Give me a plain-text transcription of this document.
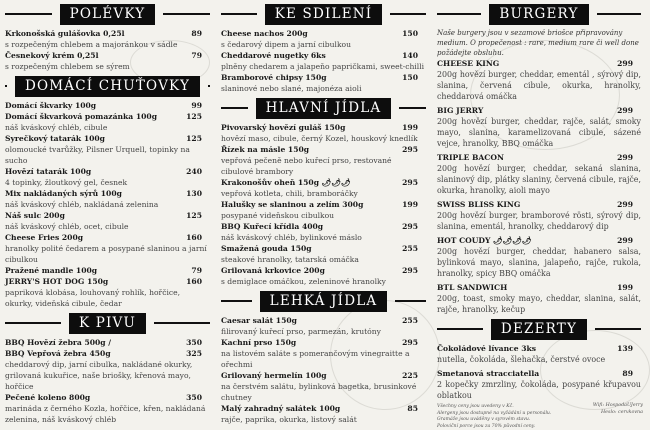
POLÉVKY
Krkonošská gulášovka 0,25l	89
s rozpečeným chlebem a majoránkou v sádle
Česnekový krém 0,25l	79
s rozpečeným chlebem se sýrem
DOMÁCÍ CHUŤOVKY
Domácí škvarky 100g	99
Domácí škvarková pomazánka 100g	125
náš kváskový chléb, cibule
Syrečkový tatarák 100g	125
olomoucké tvarůžky, Pilsner Urquell, topinky na sucho
Hovězí tatarák 100g	240
4 topinky, žloutkový gel, česnek
Mix nakládaných sýrů 100g	130
náš kváskový chléb, nakládaná zelenina
Náš sulc 200g	125
náš kváskový chléb, ocet, cibule
Cheese Fries 200g	160
hranolky polité čedarem a posypané slaninou a jarní cibulkou
Pražené mandle 100g	79
JERRY'S HOT DOG 150g	160
papriková klobása, louhovaný rohlík, hořčice, okurky, videňská cibule, čedar
K PIVU
BBQ Hovězí žebra 500g /	350
BBQ Vepřová žebra 450g	325
cheddarový dip, jarní cibulka, nakládané okurky, grilovaná kukuřice, naše briošky, křenová mayo, hořčice
Pečené koleno 800g	350
marináda z černého Kozla, hořčice, křen, nakládaná zelenina, náš kváskový chléb
KE SDILENÍ
Cheese nachos 200g	150
s čedarový dipem a jarní cibulkou
Cheddarové nugetky 6ks	140
plněny chedarem a jalapeňo papričkami, sweet-chilli
Bramborové chipsy 150g	150
slaninové nebo slané, majonéza aioli
HLAVNÍ JÍDLA
Pivovarský hovězí guláš 150g	199
hovězí maso, cibule, černý Kozel, houskový knedlík
Řízek na másle 150g	295
vepřová pečeně nebo kuřecí prso, restované cibulové brambory
Krakonošův oheň 150g 🌶🌶🌶	295
vepřová kotleta, chili, bramboráčky
Halušky se slaninou a zelím 300g	199
posypané videňskou cibulkou
BBQ Kuřecí křídla 400g	295
náš kváskový chléb, bylinkové máslo
Smažená gouda 150g	255
steakové hranolky, tatarská omáčka
Grilovaná krkovice 200g	295
s demiglace omáčkou, zeleninové hranolky
LEHKÁ JÍDLA
Caesar salát 150g	255
filirovaný kuřecí prso, parmezán, krutóny
Kachní prso 150g	295
na listovém saláte s pomerančovým vinegraitte a ořechmi
Grilovaný hermelín 100g	225
na čerstvém salátu, bylinková bagetka, brusinkové chutney
Malý zahradný salátek 100g	85
rajče, paprika, okurka, listový salát
BURGERY
Naše burgery jsou v sezamové briošce připravovány medium. O propečenost : rare, medium rare či well done požádejte obsluhu.
CHEESE KING	299
200g hovězí burger, cheddar, ementál , sýrový dip, slanina, červená cibule, okurka, hranolky, cheddarová omáčka
BIG JERRY	299
200g hovězí burger, cheddar, rajče, salát, smoky mayo, slanina, karamelizovaná cibule, sázené vejce, hranolky, BBQ omáčka
TRIPLE BACON	299
200g hovězí burger, cheddar, sekaná slanina, slaninový dip, plátky slaniny, červená cibule, rajče, okurka, hranolky, aioli mayo
SWISS BLISS KING	299
200g hovězí burger, bramborové rösti, sýrový dip, slanina, ementál, hranolky, cheddarový dip
HOT COUDY 🌶🌶🌶🌶	299
200g hovězí burger, cheddar, habanero salsa, bylinková mayo, slanina, jalapeňo, rajče, rukola, hranolky, spicy BBQ omáčka
BTL SANDWICH	199
200g, toast, smoky mayo, cheddar, slanina, salát, rajče, hranolky, kečup
DEZERTY
Čokoládové lívance 3ks	139
nutella, čokoláda, šlehačka, čerstvé ovoce
Smetanová stracciatella	89
2 kopečky zmrzliny, čokoláda, posypané křupavou oblatkou
Všechny ceny jsou uvedeny v Kč.
Alergeny jsou dostupné na vyžádání u personálu.
Gramáže jsou uváděny v syrovém stavu.
Poloviční porce jsou za 70% původní ceny.
Wifi: HospodaUJerry
Heslo: cervkovna
